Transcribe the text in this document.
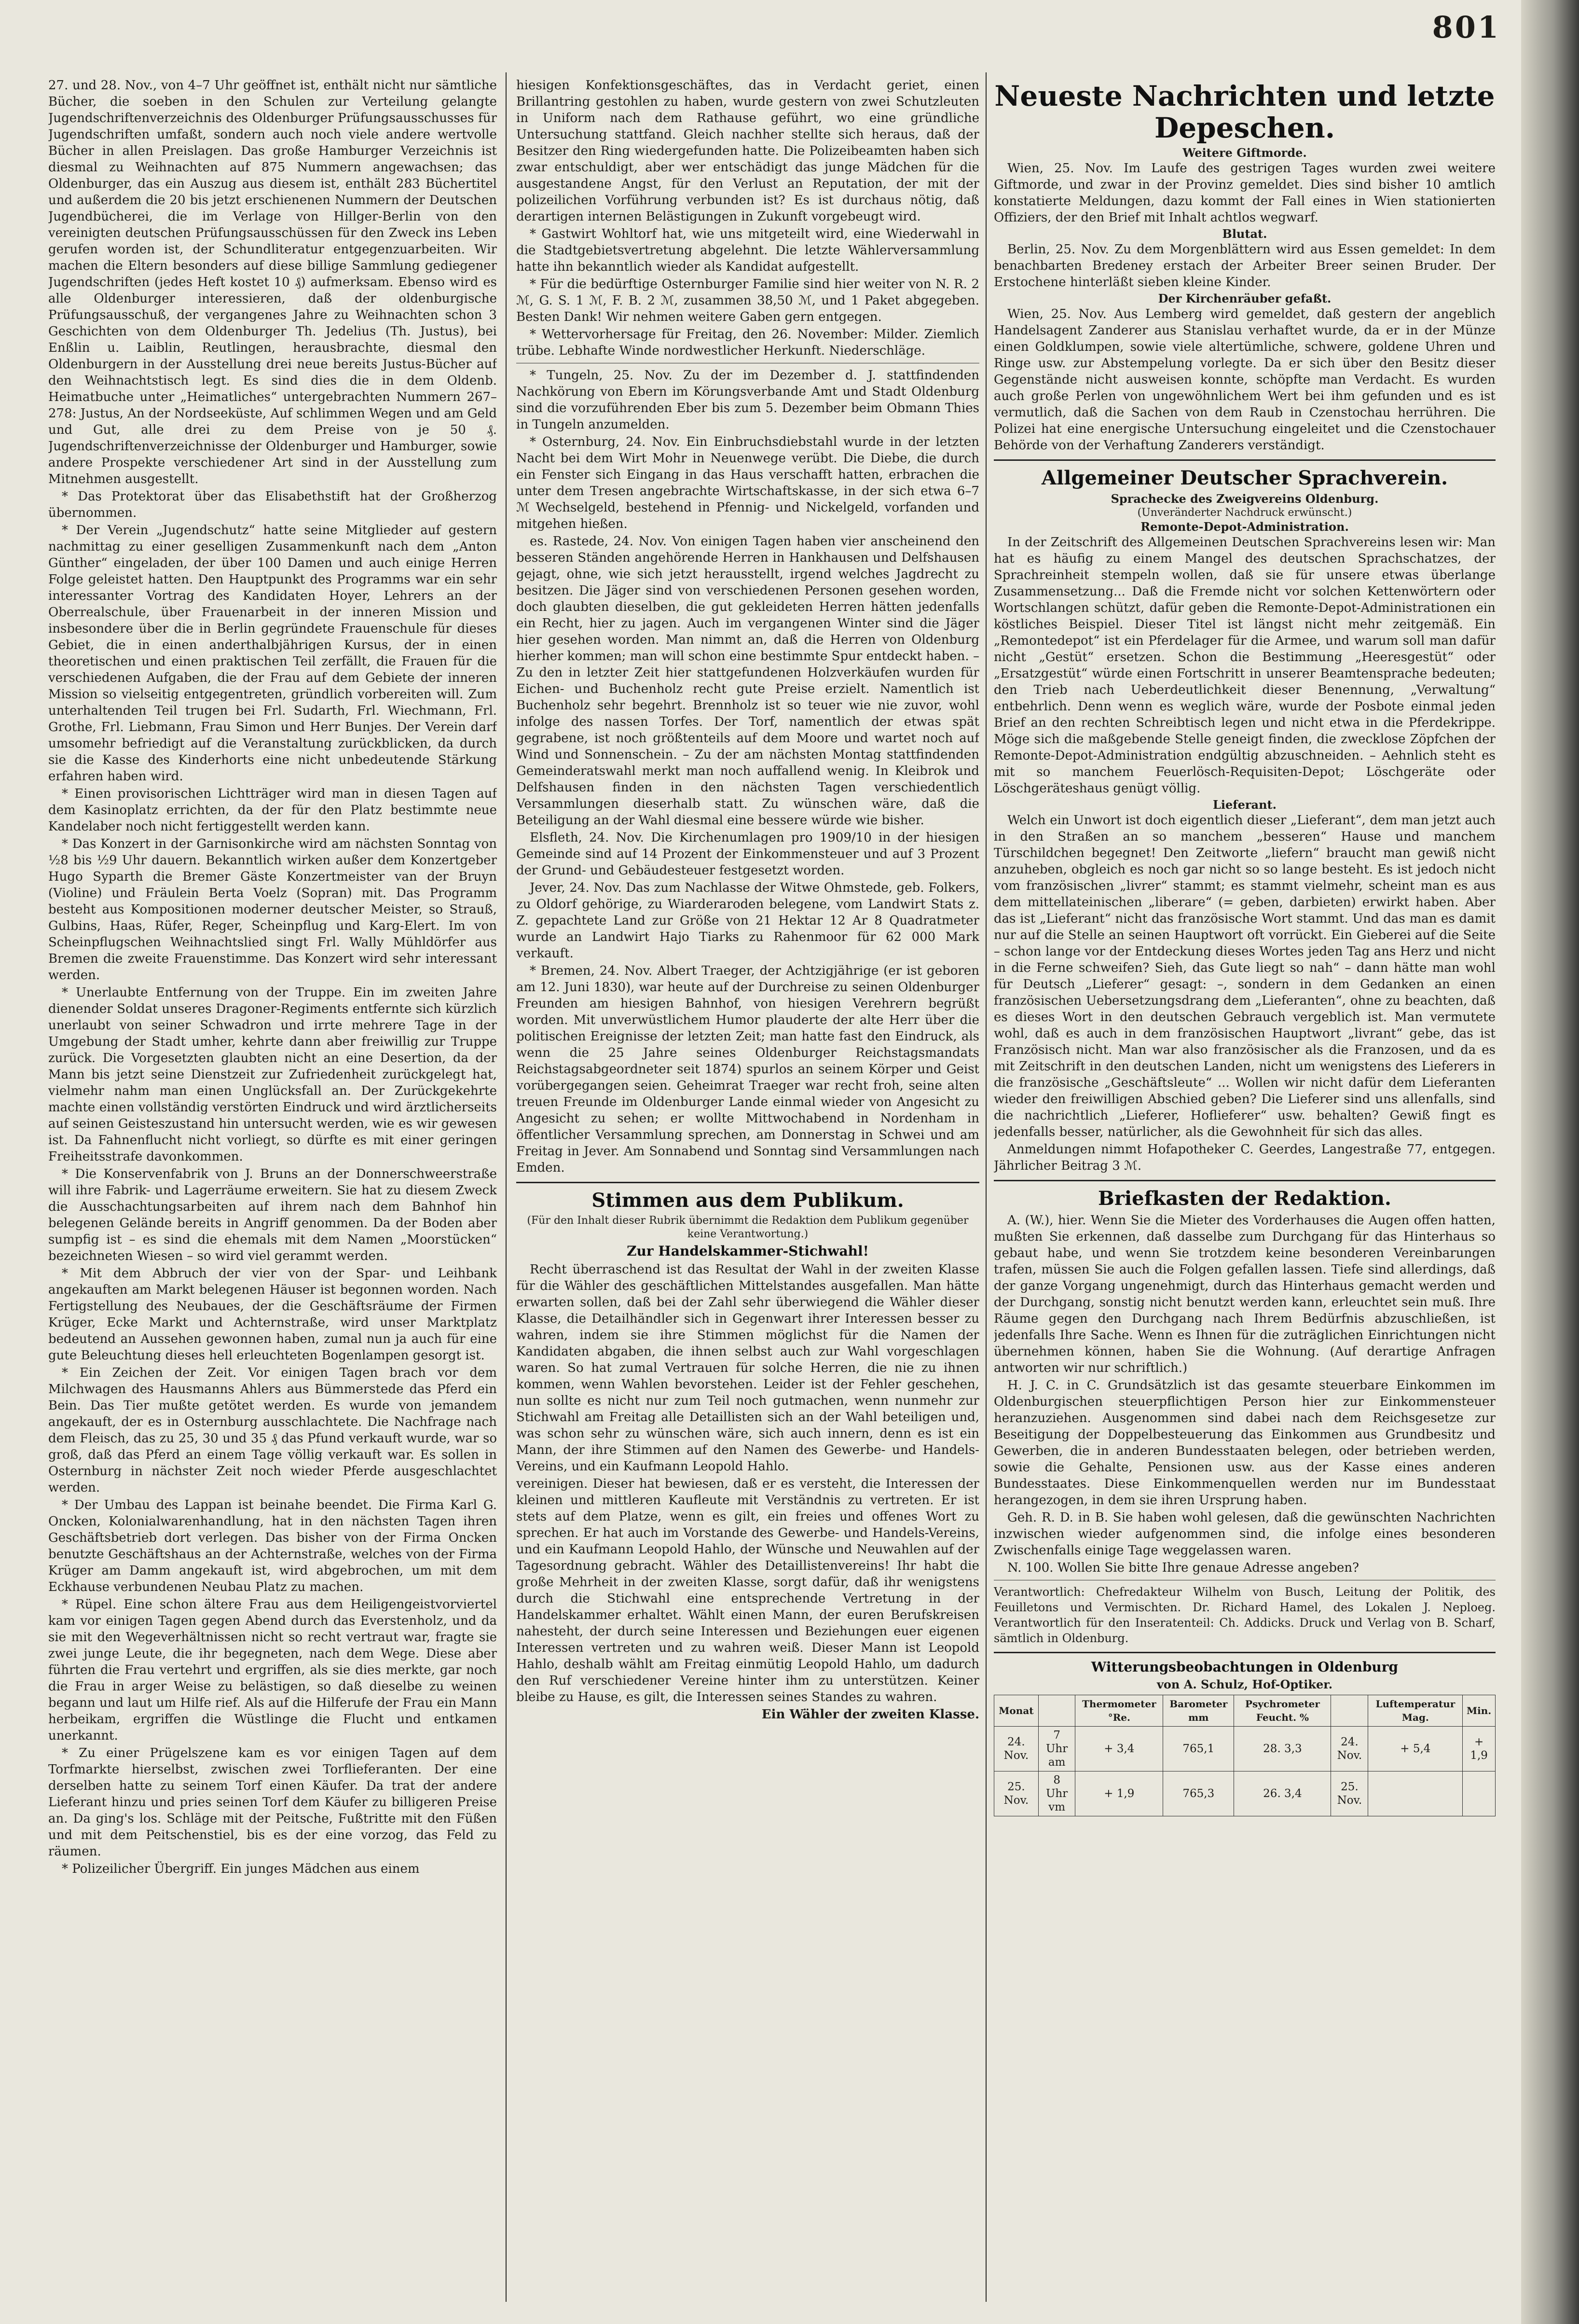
801

27. und 28. Nov., von 4–7 Uhr geöffnet ist, enthält nicht nur sämtliche Bücher, die soeben in den Schulen zur Verteilung gelangte Jugendschriftenverzeichnis des Oldenburger Prüfungsausschusses für Jugendschriften umfaßt, sondern auch noch viele andere wertvolle Bücher in allen Preislagen. Das große Hamburger Verzeichnis ist diesmal zu Weihnachten auf 875 Nummern angewachsen; das Oldenburger, das ein Auszug aus diesem ist, enthält 283 Büchertitel und außerdem die 20 bis jetzt erschienenen Nummern der Deutschen Jugendbücherei, die im Verlage von Hillger-Berlin von den vereinigten deutschen Prüfungsausschüssen für den Zweck ins Leben gerufen worden ist, der Schundliteratur entgegenzuarbeiten. Wir machen die Eltern besonders auf diese billige Sammlung gediegener Jugendschriften (jedes Heft kostet 10 ₰) aufmerksam. Ebenso wird es alle Oldenburger interessieren, daß der oldenburgische Prüfungsausschuß, der vergangenes Jahre zu Weihnachten schon 3 Geschichten von dem Oldenburger Th. Jedelius (Th. Justus), bei Enßlin u. Laiblin, Reutlingen, herausbrachte, diesmal den Oldenburgern in der Ausstellung drei neue bereits Justus-Bücher auf den Weihnachtstisch legt. Es sind dies die in dem Oldenb. Heimatbuche unter „Heimatliches“ untergebrachten Nummern 267–278: Justus, An der Nordseeküste, Auf schlimmen Wegen und am Geld und Gut, alle drei zu dem Preise von je 50 ₰. Jugendschriftenverzeichnisse der Oldenburger und Hamburger, sowie andere Prospekte verschiedener Art sind in der Ausstellung zum Mitnehmen ausgestellt.

* Das Protektorat über das Elisabethstift hat der Großherzog übernommen.

* Der Verein „Jugendschutz“ hatte seine Mitglieder auf gestern nachmittag zu einer geselligen Zusammenkunft nach dem „Anton Günther“ eingeladen, der über 100 Damen und auch einige Herren Folge geleistet hatten. Den Hauptpunkt des Programms war ein sehr interessanter Vortrag des Kandidaten Hoyer, Lehrers an der Oberrealschule, über Frauenarbeit in der inneren Mission und insbesondere über die in Berlin gegründete Frauenschule für dieses Gebiet, die in einen anderthalbjährigen Kursus, der in einen theoretischen und einen praktischen Teil zerfällt, die Frauen für die verschiedenen Aufgaben, die der Frau auf dem Gebiete der inneren Mission so vielseitig entgegentreten, gründlich vorbereiten will. Zum unterhaltenden Teil trugen bei Frl. Sudarth, Frl. Wiechmann, Frl. Grothe, Frl. Liebmann, Frau Simon und Herr Bunjes. Der Verein darf umsomehr befriedigt auf die Veranstaltung zurückblicken, da durch sie die Kasse des Kinderhorts eine nicht unbedeutende Stärkung erfahren haben wird.

* Einen provisorischen Lichtträger wird man in diesen Tagen auf dem Kasinoplatz errichten, da der für den Platz bestimmte neue Kandelaber noch nicht fertiggestellt werden kann.

* Das Konzert in der Garnisonkirche wird am nächsten Sonntag von ½8 bis ½9 Uhr dauern. Bekanntlich wirken außer dem Konzertgeber Hugo Syparth die Bremer Gäste Konzertmeister van der Bruyn (Violine) und Fräulein Berta Voelz (Sopran) mit. Das Programm besteht aus Kompositionen moderner deutscher Meister, so Strauß, Gulbins, Haas, Rüfer, Reger, Scheinpflug und Karg-Elert. Im von Scheinpflugschen Weihnachtslied singt Frl. Wally Mühldörfer aus Bremen die zweite Frauenstimme. Das Konzert wird sehr interessant werden.

* Unerlaubte Entfernung von der Truppe. Ein im zweiten Jahre dienender Soldat unseres Dragoner-Regiments entfernte sich kürzlich unerlaubt von seiner Schwadron und irrte mehrere Tage in der Umgebung der Stadt umher, kehrte dann aber freiwillig zur Truppe zurück. Die Vorgesetzten glaubten nicht an eine Desertion, da der Mann bis jetzt seine Dienstzeit zur Zufriedenheit zurückgelegt hat, vielmehr nahm man einen Unglücksfall an. Der Zurückgekehrte machte einen vollständig verstörten Eindruck und wird ärztlicherseits auf seinen Geisteszustand hin untersucht werden, wie es wir gewesen ist. Da Fahnenflucht nicht vorliegt, so dürfte es mit einer geringen Freiheitsstrafe davonkommen.

* Die Konservenfabrik von J. Bruns an der Donnerschweerstraße will ihre Fabrik- und Lagerräume erweitern. Sie hat zu diesem Zweck die Ausschachtungsarbeiten auf ihrem nach dem Bahnhof hin belegenen Gelände bereits in Angriff genommen. Da der Boden aber sumpfig ist – es sind die ehemals mit dem Namen „Moorstücken“ bezeichneten Wiesen – so wird viel gerammt werden.

* Mit dem Abbruch der vier von der Spar- und Leihbank angekauften am Markt belegenen Häuser ist begonnen worden. Nach Fertigstellung des Neubaues, der die Geschäftsräume der Firmen Krüger, Ecke Markt und Achternstraße, wird unser Marktplatz bedeutend an Aussehen gewonnen haben, zumal nun ja auch für eine gute Beleuchtung dieses hell erleuchteten Bogenlampen gesorgt ist.

* Ein Zeichen der Zeit. Vor einigen Tagen brach vor dem Milchwagen des Hausmanns Ahlers aus Bümmerstede das Pferd ein Bein. Das Tier mußte getötet werden. Es wurde von jemandem angekauft, der es in Osternburg ausschlachtete. Die Nachfrage nach dem Fleisch, das zu 25, 30 und 35 ₰ das Pfund verkauft wurde, war so groß, daß das Pferd an einem Tage völlig verkauft war. Es sollen in Osternburg in nächster Zeit noch wieder Pferde ausgeschlachtet werden.

* Der Umbau des Lappan ist beinahe beendet. Die Firma Karl G. Oncken, Kolonialwarenhandlung, hat in den nächsten Tagen ihren Geschäftsbetrieb dort verlegen. Das bisher von der Firma Oncken benutzte Geschäftshaus an der Achternstraße, welches von der Firma Krüger am Damm angekauft ist, wird abgebrochen, um mit dem Eckhause verbundenen Neubau Platz zu machen.

* Rüpel. Eine schon ältere Frau aus dem Heiligengeistvorviertel kam vor einigen Tagen gegen Abend durch das Everstenholz, und da sie mit den Wegeverhältnissen nicht so recht vertraut war, fragte sie zwei junge Leute, die ihr begegneten, nach dem Wege. Diese aber führten die Frau vertehrt und ergriffen, als sie dies merkte, gar noch die Frau in arger Weise zu belästigen, so daß dieselbe zu weinen begann und laut um Hilfe rief. Als auf die Hilferufe der Frau ein Mann herbeikam, ergriffen die Wüstlinge die Flucht und entkamen unerkannt.

* Zu einer Prügelszene kam es vor einigen Tagen auf dem Torfmarkte hierselbst, zwischen zwei Torflieferanten. Der eine derselben hatte zu seinem Torf einen Käufer. Da trat der andere Lieferant hinzu und pries seinen Torf dem Käufer zu billigeren Preise an. Da ging's los. Schläge mit der Peitsche, Fußtritte mit den Füßen und mit dem Peitschenstiel, bis es der eine vorzog, das Feld zu räumen.

* Polizeilicher Übergriff. Ein junges Mädchen aus einem

hiesigen Konfektionsgeschäftes, das in Verdacht geriet, einen Brillantring gestohlen zu haben, wurde gestern von zwei Schutzleuten in Uniform nach dem Rathause geführt, wo eine gründliche Untersuchung stattfand. Gleich nachher stellte sich heraus, daß der Besitzer den Ring wiedergefunden hatte. Die Polizeibeamten haben sich zwar entschuldigt, aber wer entschädigt das junge Mädchen für die ausgestandene Angst, für den Verlust an Reputation, der mit der polizeilichen Vorführung verbunden ist? Es ist durchaus nötig, daß derartigen internen Belästigungen in Zukunft vorgebeugt wird.

* Gastwirt Wohltorf hat, wie uns mitgeteilt wird, eine Wiederwahl in die Stadtgebietsvertretung abgelehnt. Die letzte Wählerversammlung hatte ihn bekanntlich wieder als Kandidat aufgestellt.

* Für die bedürftige Osternburger Familie sind hier weiter von N. R. 2 ℳ, G. S. 1 ℳ, F. B. 2 ℳ, zusammen 38,50 ℳ, und 1 Paket abgegeben. Besten Dank! Wir nehmen weitere Gaben gern entgegen.

* Wettervorhersage für Freitag, den 26. November: Milder. Ziemlich trübe. Lebhafte Winde nordwestlicher Herkunft. Niederschläge.

* Tungeln, 25. Nov. Zu der im Dezember d. J. stattfindenden Nachkörung von Ebern im Körungsverbande Amt und Stadt Oldenburg sind die vorzuführenden Eber bis zum 5. Dezember beim Obmann Thies in Tungeln anzumelden.

* Osternburg, 24. Nov. Ein Einbruchsdiebstahl wurde in der letzten Nacht bei dem Wirt Mohr in Neuenwege verübt. Die Diebe, die durch ein Fenster sich Eingang in das Haus verschafft hatten, erbrachen die unter dem Tresen angebrachte Wirtschaftskasse, in der sich etwa 6–7 ℳ Wechselgeld, bestehend in Pfennig- und Nickelgeld, vorfanden und mitgehen hießen.

es. Rastede, 24. Nov. Von einigen Tagen haben vier anscheinend den besseren Ständen angehörende Herren in Hankhausen und Delfshausen gejagt, ohne, wie sich jetzt herausstellt, irgend welches Jagdrecht zu besitzen. Die Jäger sind von verschiedenen Personen gesehen worden, doch glaubten dieselben, die gut gekleideten Herren hätten jedenfalls ein Recht, hier zu jagen. Auch im vergangenen Winter sind die Jäger hier gesehen worden. Man nimmt an, daß die Herren von Oldenburg hierher kommen; man will schon eine bestimmte Spur entdeckt haben. – Zu den in letzter Zeit hier stattgefundenen Holzverkäufen wurden für Eichen- und Buchenholz recht gute Preise erzielt. Namentlich ist Buchenholz sehr begehrt. Brennholz ist so teuer wie nie zuvor, wohl infolge des nassen Torfes. Der Torf, namentlich der etwas spät gegrabene, ist noch größtenteils auf dem Moore und wartet noch auf Wind und Sonnenschein. – Zu der am nächsten Montag stattfindenden Gemeinderatswahl merkt man noch auffallend wenig. In Kleibrok und Delfshausen finden in den nächsten Tagen verschiedentlich Versammlungen dieserhalb statt. Zu wünschen wäre, daß die Beteiligung an der Wahl diesmal eine bessere würde wie bisher.

Elsfleth, 24. Nov. Die Kirchenumlagen pro 1909/10 in der hiesigen Gemeinde sind auf 14 Prozent der Einkommensteuer und auf 3 Prozent der Grund- und Gebäudesteuer festgesetzt worden.

Jever, 24. Nov. Das zum Nachlasse der Witwe Ohmstede, geb. Folkers, zu Oldorf gehörige, zu Wiarderaroden belegene, vom Landwirt Stats z. Z. gepachtete Land zur Größe von 21 Hektar 12 Ar 8 Quadratmeter wurde an Landwirt Hajo Tiarks zu Rahenmoor für 62 000 Mark verkauft.

* Bremen, 24. Nov. Albert Traeger, der Achtzigjährige (er ist geboren am 12. Juni 1830), war heute auf der Durchreise zu seinen Oldenburger Freunden am hiesigen Bahnhof, von hiesigen Verehrern begrüßt worden. Mit unverwüstlichem Humor plauderte der alte Herr über die politischen Ereignisse der letzten Zeit; man hatte fast den Eindruck, als wenn die 25 Jahre seines Oldenburger Reichstagsmandats Reichstagsabgeordneter seit 1874) spurlos an seinem Körper und Geist vorübergegangen seien. Geheimrat Traeger war recht froh, seine alten treuen Freunde im Oldenburger Lande einmal wieder von Angesicht zu Angesicht zu sehen; er wollte Mittwochabend in Nordenham in öffentlicher Versammlung sprechen, am Donnerstag in Schwei und am Freitag in Jever. Am Sonnabend und Sonntag sind Versammlungen nach Emden.

Stimmen aus dem Publikum.
(Für den Inhalt dieser Rubrik übernimmt die Redaktion dem Publikum gegenüber keine Verantwortung.)
Zur Handelskammer-Stichwahl!

Recht überraschend ist das Resultat der Wahl in der zweiten Klasse für die Wähler des geschäftlichen Mittelstandes ausgefallen. Man hätte erwarten sollen, daß bei der Zahl sehr überwiegend die Wähler dieser Klasse, die Detailhändler sich in Gegenwart ihrer Interessen besser zu wahren, indem sie ihre Stimmen möglichst für die Namen der Kandidaten abgaben, die ihnen selbst auch zur Wahl vorgeschlagen waren. So hat zumal Vertrauen für solche Herren, die nie zu ihnen kommen, wenn Wahlen bevorstehen. Leider ist der Fehler geschehen, nun sollte es nicht nur zum Teil noch gutmachen, wenn nunmehr zur Stichwahl am Freitag alle Detaillisten sich an der Wahl beteiligen und, was schon sehr zu wünschen wäre, sich auch innern, denn es ist ein Mann, der ihre Stimmen auf den Namen des Gewerbe- und Handels-Vereins, und ein Kaufmann Leopold Hahlo.

vereinigen. Dieser hat bewiesen, daß er es versteht, die Interessen der kleinen und mittleren Kaufleute mit Verständnis zu vertreten. Er ist stets auf dem Platze, wenn es gilt, ein freies und offenes Wort zu sprechen. Er hat auch im Vorstande des Gewerbe- und Handels-Vereins, und ein Kaufmann Leopold Hahlo, der Wünsche und Neuwahlen auf der Tagesordnung gebracht. Wähler des Detaillistenvereins! Ihr habt die große Mehrheit in der zweiten Klasse, sorgt dafür, daß ihr wenigstens durch die Stichwahl eine entsprechende Vertretung in der Handelskammer erhaltet. Wählt einen Mann, der euren Berufskreisen nahesteht, der durch seine Interessen und Beziehungen euer eigenen Interessen vertreten und zu wahren weiß. Dieser Mann ist Leopold Hahlo, deshalb wählt am Freitag einmütig Leopold Hahlo, um dadurch den Ruf verschiedener Vereine hinter ihm zu unterstützen. Keiner bleibe zu Hause, es gilt, die Interessen seines Standes zu wahren.

Ein Wähler der zweiten Klasse.
Neueste Nachrichten und letzte Depeschen.
Weitere Giftmorde.

Wien, 25. Nov. Im Laufe des gestrigen Tages wurden zwei weitere Giftmorde, und zwar in der Provinz gemeldet. Dies sind bisher 10 amtlich konstatierte Meldungen, dazu kommt der Fall eines in Wien stationierten Offiziers, der den Brief mit Inhalt achtlos wegwarf.

Blutat.

Berlin, 25. Nov. Zu dem Morgenblättern wird aus Essen gemeldet: In dem benachbarten Bredeney erstach der Arbeiter Breer seinen Bruder. Der Erstochene hinterläßt sieben kleine Kinder.

Der Kirchenräuber gefaßt.

Wien, 25. Nov. Aus Lemberg wird gemeldet, daß gestern der angeblich Handelsagent Zanderer aus Stanislau verhaftet wurde, da er in der Münze einen Goldklumpen, sowie viele altertümliche, schwere, goldene Uhren und Ringe usw. zur Abstempelung vorlegte. Da er sich über den Besitz dieser Gegenstände nicht ausweisen konnte, schöpfte man Verdacht. Es wurden auch große Perlen von ungewöhnlichem Wert bei ihm gefunden und es ist vermutlich, daß die Sachen von dem Raub in Czenstochau herrühren. Die Polizei hat eine energische Untersuchung eingeleitet und die Czenstochauer Behörde von der Verhaftung Zanderers verständigt.

Allgemeiner Deutscher Sprachverein.
Sprachecke des Zweigvereins Oldenburg.
(Unveränderter Nachdruck erwünscht.)
Remonte-Depot-Administration.

In der Zeitschrift des Allgemeinen Deutschen Sprachvereins lesen wir: Man hat es häufig zu einem Mangel des deutschen Sprachschatzes, der Sprachreinheit stempeln wollen, daß sie für unsere etwas überlange Zusammensetzung... Daß die Fremde nicht vor solchen Kettenwörtern oder Wortschlangen schützt, dafür geben die Remonte-Depot-Administrationen ein köstliches Beispiel. Dieser Titel ist längst nicht mehr zeitgemäß. Ein „Remontedepot“ ist ein Pferdelager für die Armee, und warum soll man dafür nicht „Gestüt“ ersetzen. Schon die Bestimmung „Heeresgestüt“ oder „Ersatzgestüt“ würde einen Fortschritt in unserer Beamtensprache bedeuten; den Trieb nach Ueberdeutlichkeit dieser Benennung, „Verwaltung“ entbehrlich. Denn wenn es weglich wäre, wurde der Posbote einmal jeden Brief an den rechten Schreibtisch legen und nicht etwa in die Pferdekrippe. Möge sich die maßgebende Stelle geneigt finden, die zwecklose Zöpfchen der Remonte-Depot-Administration endgültig abzuschneiden. – Aehnlich steht es mit so manchem Feuerlösch-Requisiten-Depot; Löschgeräte oder Löschgeräteshaus genügt völlig.

Lieferant.

Welch ein Unwort ist doch eigentlich dieser „Lieferant“, dem man jetzt auch in den Straßen an so manchem „besseren“ Hause und manchem Türschildchen begegnet! Den Zeitworte „liefern“ braucht man gewiß nicht anzuheben, obgleich es noch gar nicht so so lange besteht. Es ist jedoch nicht vom französischen „livrer“ stammt; es stammt vielmehr, scheint man es aus dem mittellateinischen „liberare“ (= geben, darbieten) erwirkt haben. Aber das ist „Lieferant“ nicht das französische Wort stammt. Und das man es damit nur auf die Stelle an seinen Hauptwort oft vorrückt. Ein Gieberei auf die Seite – schon lange vor der Entdeckung dieses Wortes jeden Tag ans Herz und nicht in die Ferne schweifen? Sieh, das Gute liegt so nah“ – dann hätte man wohl für Deutsch „Lieferer“ gesagt: –, sondern in dem Gedanken an einen französischen Uebersetzungsdrang dem „Lieferanten“, ohne zu beachten, daß es dieses Wort in den deutschen Gebrauch vergeblich ist. Man vermutete wohl, daß es auch in dem französischen Hauptwort „livrant“ gebe, das ist Französisch nicht. Man war also französischer als die Franzosen, und da es mit Zeitschrift in den deutschen Landen, nicht um wenigstens des Lieferers in die französische „Geschäftsleute“ ... Wollen wir nicht dafür dem Lieferanten wieder den freiwilligen Abschied geben? Die Lieferer sind uns allenfalls, sind die nachrichtlich „Lieferer, Hoflieferer“ usw. behalten? Gewiß fingt es jedenfalls besser, natürlicher, als die Gewohnheit für sich das alles.

Anmeldungen nimmt Hofapotheker C. Geerdes, Langestraße 77, entgegen. Jährlicher Beitrag 3 ℳ.

Briefkasten der Redaktion.

A. (W.), hier. Wenn Sie die Mieter des Vorderhauses die Augen offen hatten, mußten Sie erkennen, daß dasselbe zum Durchgang für das Hinterhaus so gebaut habe, und wenn Sie trotzdem keine besonderen Vereinbarungen trafen, müssen Sie auch die Folgen gefallen lassen. Tiefe sind allerdings, daß der ganze Vorgang ungenehmigt, durch das Hinterhaus gemacht werden und der Durchgang, sonstig nicht benutzt werden kann, erleuchtet sein muß. Ihre Räume gegen den Durchgang nach Ihrem Bedürfnis abzuschließen, ist jedenfalls Ihre Sache. Wenn es Ihnen für die zuträglichen Einrichtungen nicht übernehmen können, haben Sie die Wohnung. (Auf derartige Anfragen antworten wir nur schriftlich.)

H. J. C. in C. Grundsätzlich ist das gesamte steuerbare Einkommen im Oldenburgischen steuerpflichtigen Person hier zur Einkommensteuer heranzuziehen. Ausgenommen sind dabei nach dem Reichsgesetze zur Beseitigung der Doppelbesteuerung das Einkommen aus Grundbesitz und Gewerben, die in anderen Bundesstaaten belegen, oder betrieben werden, sowie die Gehalte, Pensionen usw. aus der Kasse eines anderen Bundesstaates. Diese Einkommenquellen werden nur im Bundesstaat herangezogen, in dem sie ihren Ursprung haben.

Geh. R. D. in B. Sie haben wohl gelesen, daß die gewünschten Nachrichten inzwischen wieder aufgenommen sind, die infolge eines besonderen Zwischenfalls einige Tage weggelassen waren.

N. 100. Wollen Sie bitte Ihre genaue Adresse angeben?

Verantwortlich: Chefredakteur Wilhelm von Busch, Leitung der Politik, des Feuilletons und Vermischten. Dr. Richard Hamel, des Lokalen J. Neploeg. Verantwortlich für den Inseratenteil: Ch. Addicks. Druck und Verlag von B. Scharf, sämtlich in Oldenburg.
Witterungsbeobachtungen in Oldenburg
von A. Schulz, Hof-Optiker.
Monat		Thermometer °Re.	Barometer mm	Psychrometer Feucht. %		Luftemperatur Mag.	Min.
24. Nov.	7 Uhr am	+ 3,4	765,1	28. 3,3	24. Nov.	+ 5,4	+ 1,9
25. Nov.	8 Uhr vm	+ 1,9	765,3	26. 3,4	25. Nov.		
